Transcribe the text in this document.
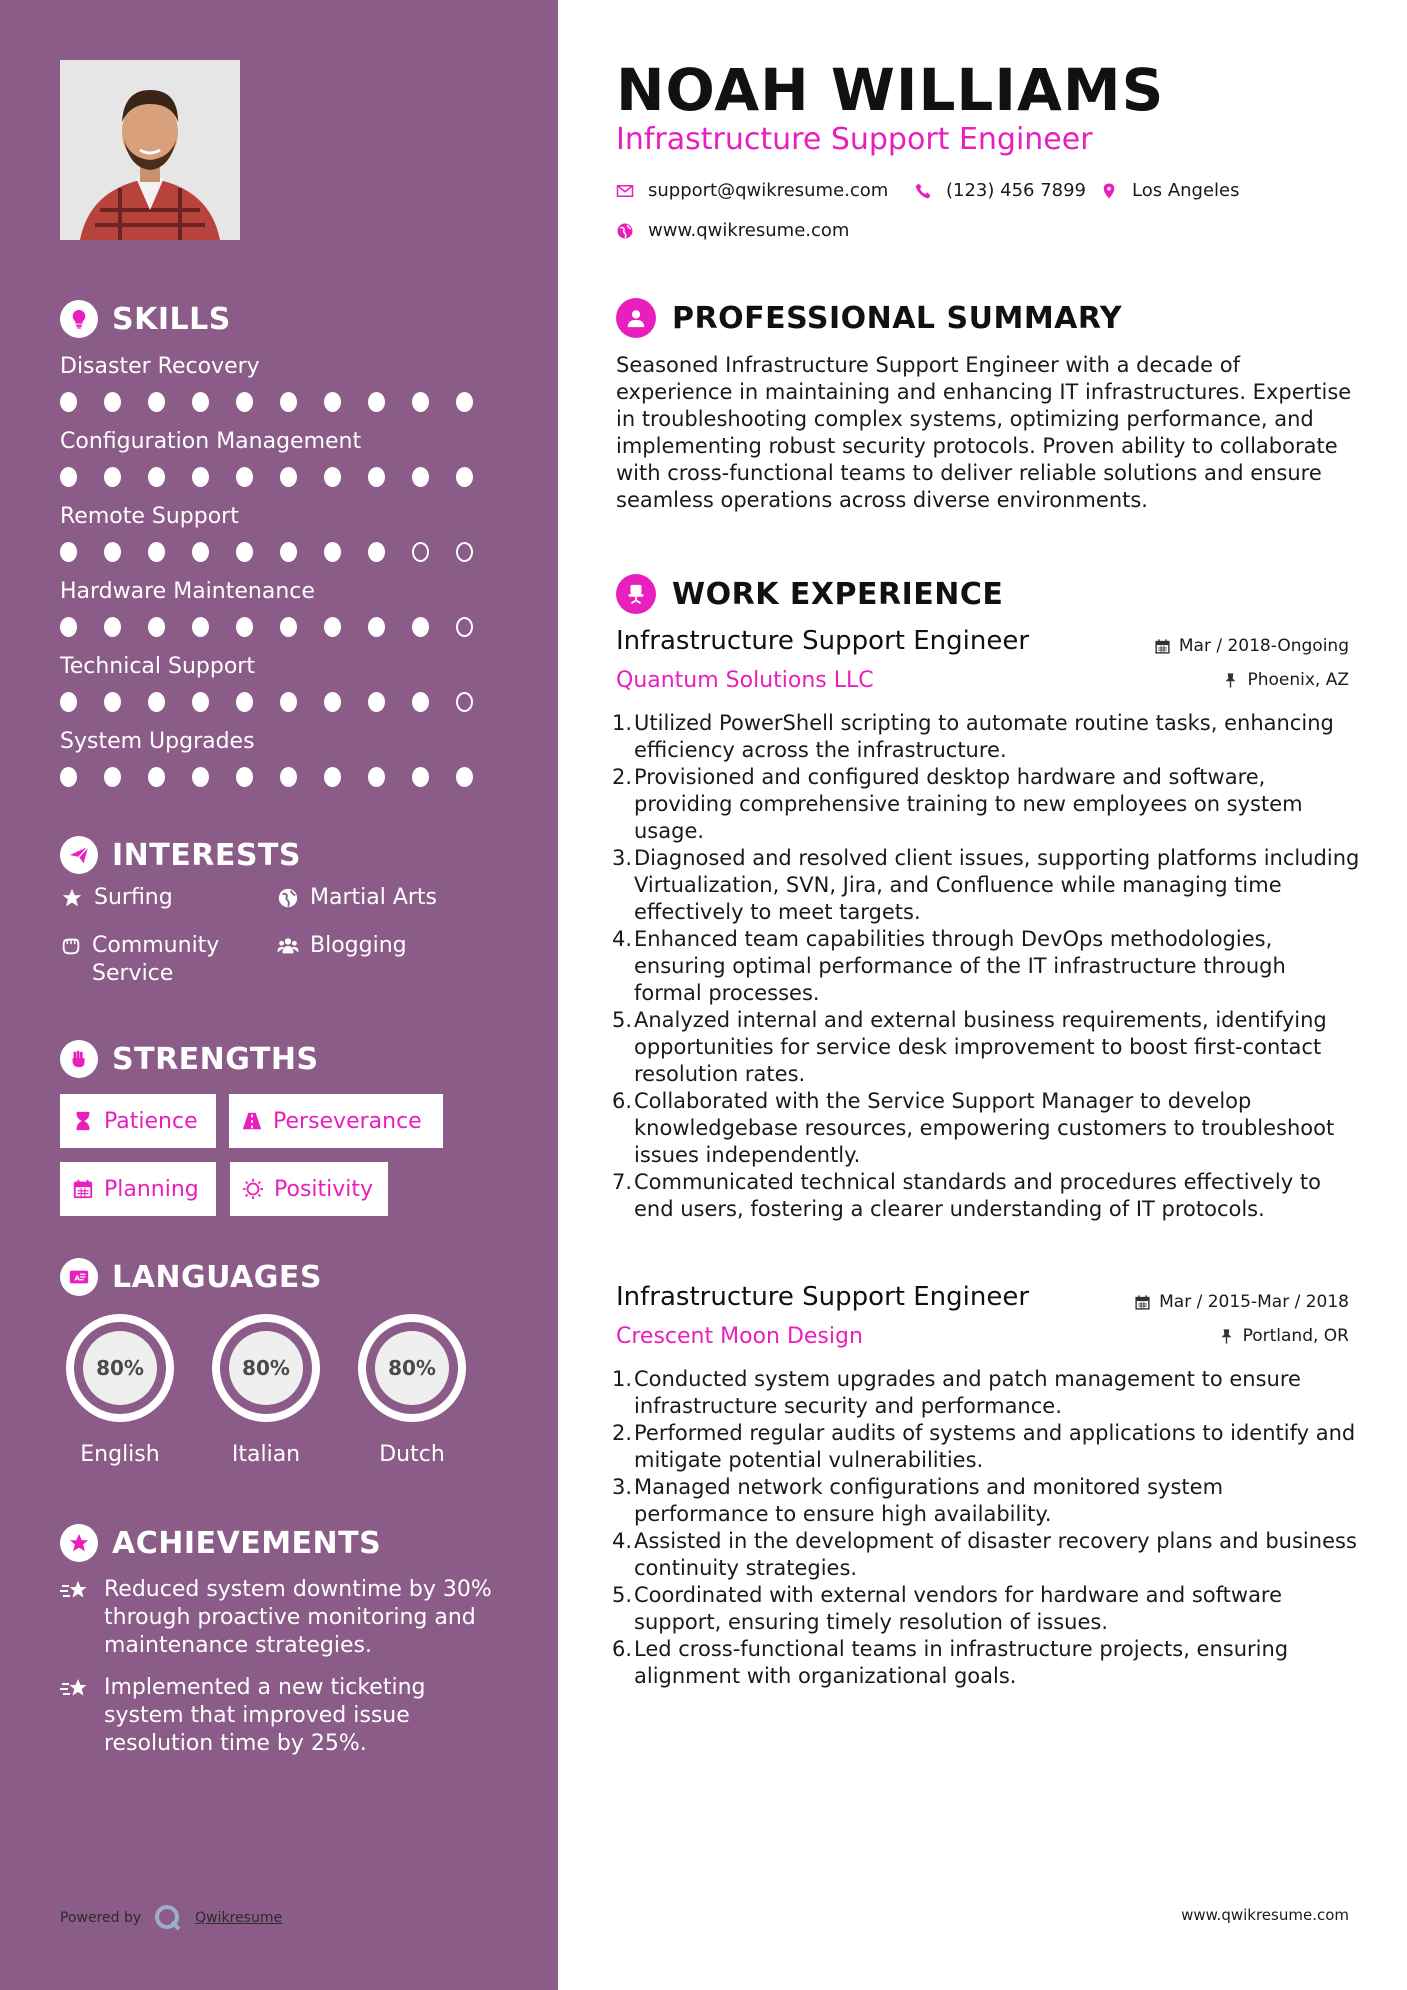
SKILLS
Disaster Recovery
Configuration Management
Remote Support
Hardware Maintenance
Technical Support
System Upgrades
INTERESTS
Surfing	Martial Arts
Community Service
Blogging
STRENGTHS
Patience	Perseverance
Planning	Positivity
A LANGUAGES
80%
English
80%
Italian
80%
Dutch
ACHIEVEMENTS
Reduced system downtime by 30% through proactive monitoring and maintenance strategies.
Implemented a new ticketing system that improved issue resolution time by 25%.
Powered by	Qwikresume
NOAH WILLIAMS
Infrastructure Support Engineer
support@qwikresume.com	(123) 456 7899	Los Angeles
www.qwikresume.com
PROFESSIONAL SUMMARY
Seasoned Infrastructure Support Engineer with a decade of experience in maintaining and enhancing IT infrastructures. Expertise in troubleshooting complex systems, optimizing performance, and implementing robust security protocols. Proven ability to collaborate with cross-functional teams to deliver reliable solutions and ensure seamless operations across diverse environments.
WORK EXPERIENCE
Infrastructure Support Engineer
Quantum Solutions LLC
Mar / 2018-Ongoing
Phoenix, AZ
1. Utilized PowerShell scripting to automate routine tasks, enhancing efficiency across the infrastructure.
2. Provisioned and configured desktop hardware and software, providing comprehensive training to new employees on system usage.
3. Diagnosed and resolved client issues, supporting platforms including Virtualization, SVN, Jira, and Confluence while managing time effectively to meet targets.
4. Enhanced team capabilities through DevOps methodologies, ensuring optimal performance of the IT infrastructure through formal processes.
5. Analyzed internal and external business requirements, identifying opportunities for service desk improvement to boost first-contact resolution rates.
6. Collaborated with the Service Support Manager to develop knowledgebase resources, empowering customers to troubleshoot issues independently.
7. Communicated technical standards and procedures effectively to end users, fostering a clearer understanding of IT protocols.
Infrastructure Support Engineer
Crescent Moon Design
Mar / 2015-Mar / 2018
Portland, OR
1. Conducted system upgrades and patch management to ensure infrastructure security and performance.
2. Performed regular audits of systems and applications to identify and mitigate potential vulnerabilities.
3. Managed network configurations and monitored system performance to ensure high availability.
4. Assisted in the development of disaster recovery plans and business continuity strategies.
5. Coordinated with external vendors for hardware and software support, ensuring timely resolution of issues.
6. Led cross-functional teams in infrastructure projects, ensuring alignment with organizational goals.
www.qwikresume.com
